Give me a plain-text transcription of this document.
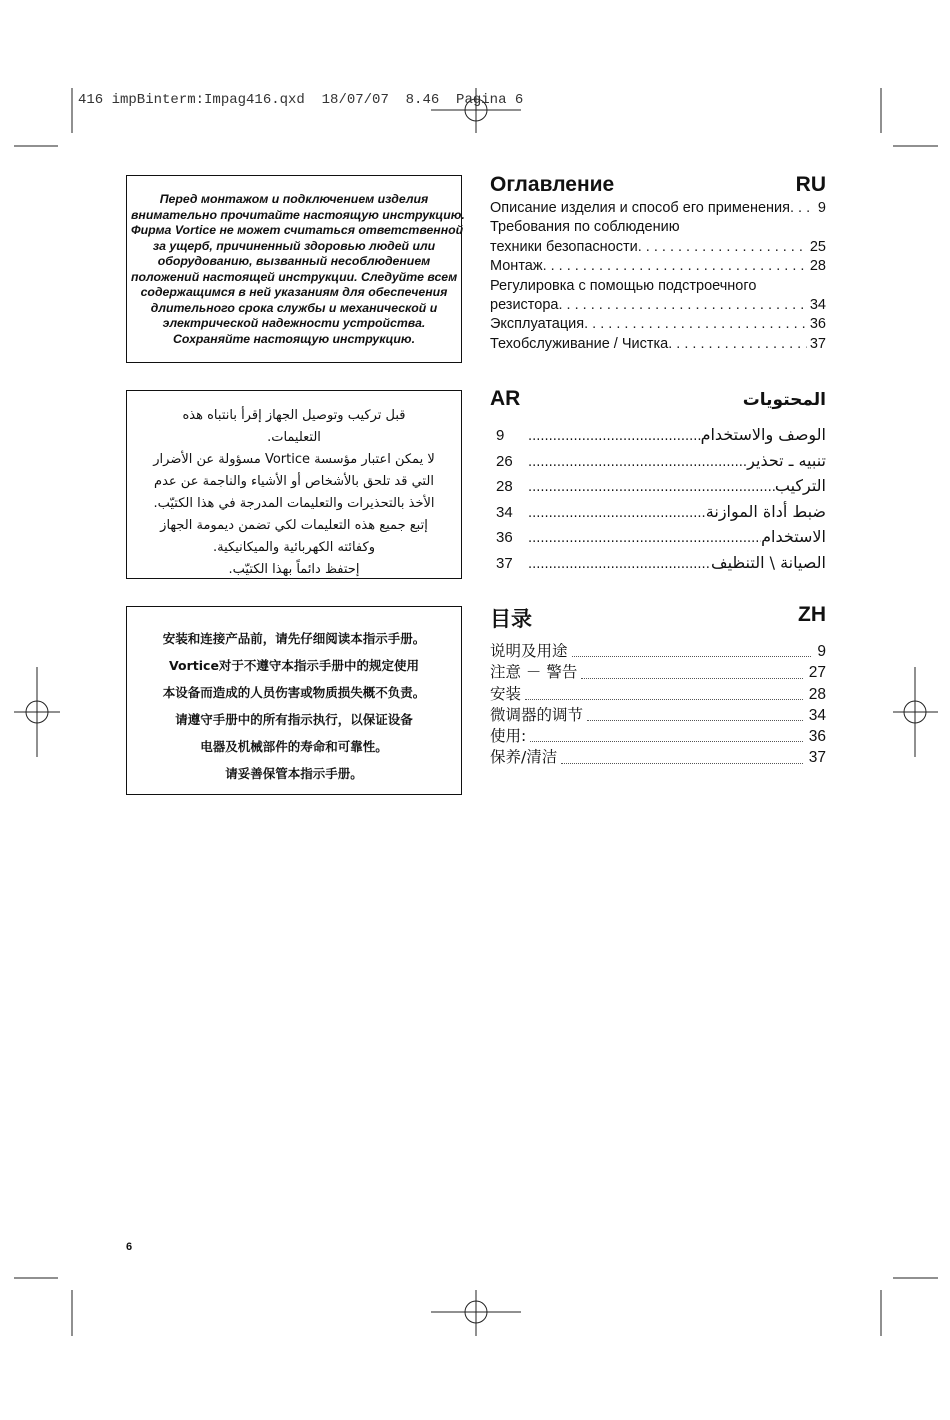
416 impBinterm:Impag416.qxd  18/07/07  8.46  Pagina 6
Перед монтажом и подключением изделия
внимательно прочитайте настоящую инструкцию.
Фирма Vortice не может считаться ответственной
за ущерб, причиненный здоровью людей или
оборудованию, вызванный несоблюдением
положений настоящей инструкции. Следуйте всем
содержащимся в ней указаниям для обеспечения
длительного срока службы и механической и
электрической надежности устройства.
Сохраняйте настоящую инструкцию.
قبل تركيب وتوصيل الجهاز إقرأ بانتباه هذه
التعليمات.
لا يمكن اعتبار مؤسسة Vortice مسؤولة عن الأضرار
التي قد تلحق بالأشخاص أو الأشياء والناجمة عن عدم
الأخذ بالتحذيرات والتعليمات المدرجة في هذا الكتيّب.
إتبع جميع هذه التعليمات لكي تضمن ديمومة الجهاز
وكفائته الكهربائية والميكانيكية.
إحتفظ دائماً بهذا الكتيّب.
安装和连接产品前，请先仔细阅读本指示手册。
Vortice对于不遵守本指示手册中的规定使用
本设备而造成的人员伤害或物质损失概不负责。
请遵守手册中的所有指示执行，以保证设备
电器及机械部件的寿命和可靠性。
请妥善保管本指示手册。
Оглавление	RU
Описание изделия и способ его применения . . . 9
Требования по соблюдению
техники безопасности . . .	25
Монтаж . . .	28
Регулировка с помощью подстроечного
резистора . . .	34
Эксплуатация . . .	36
Техобслуживание / Чистка . . .	37
AR	المحتويات
9 .....	الوصف والاستخدام
26 .....	تنبيه ـ تحذير
28 .....	التركيب
34 .....	ضبط أداة الموازنة
36 .....	الاستخدام
37 .....	الصيانة \ التنظيف
目录	ZH
说明及用途	9
注意 － 警告	27
安装	28
微调器的调节	34
使用:	36
保养/清洁	37
6
